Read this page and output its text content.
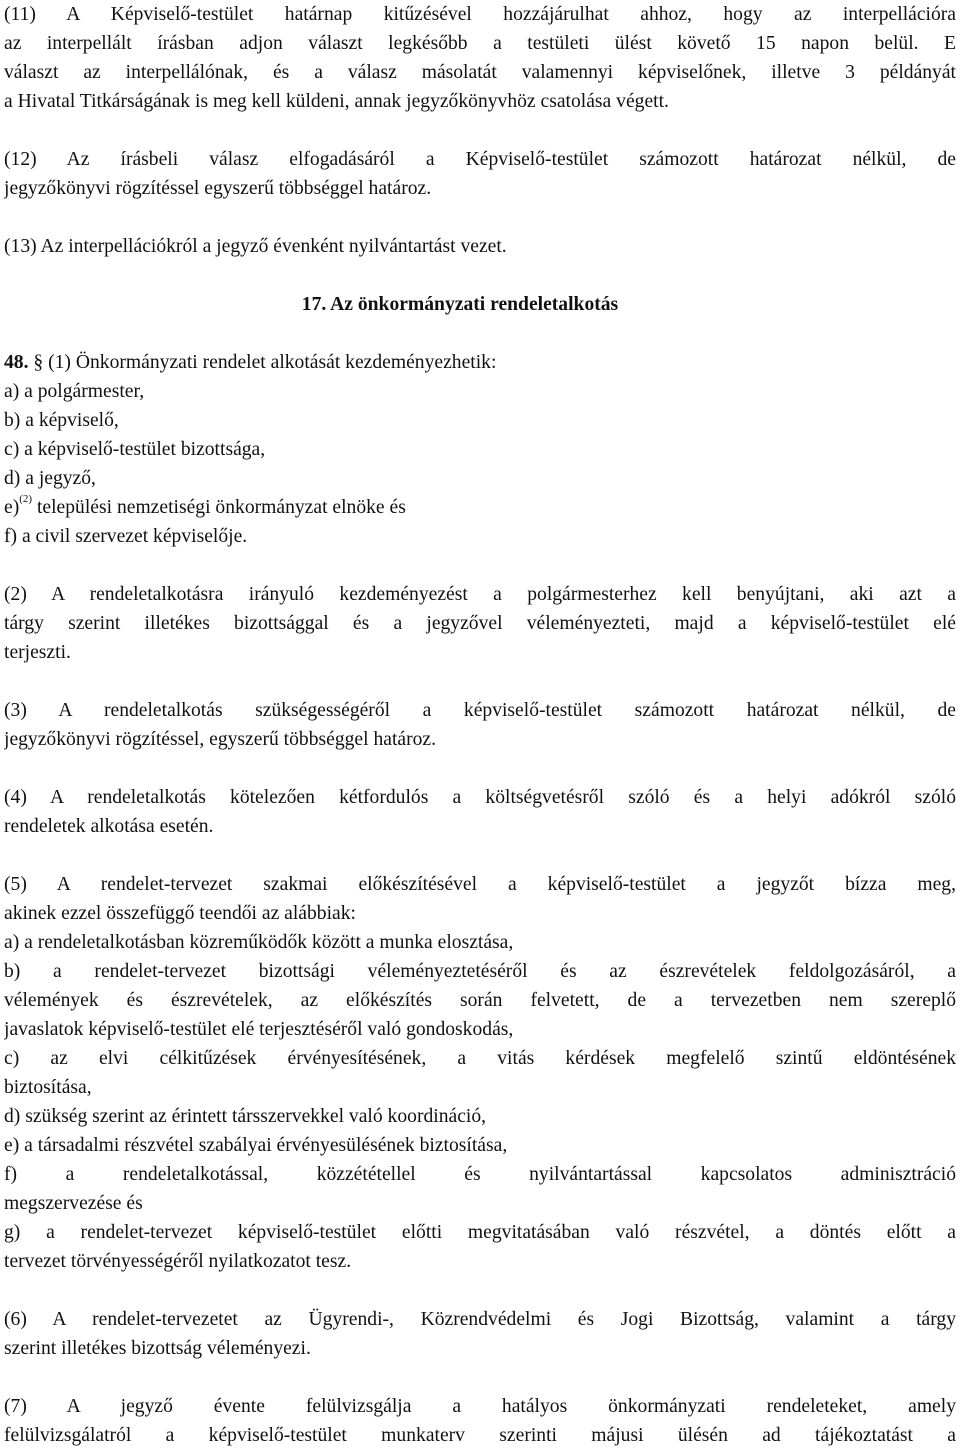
(11) A Képviselő-testület határnap kitűzésével hozzájárulhat ahhoz, hogy az interpellációra
az interpellált írásban adjon választ legkésőbb a testületi ülést követő 15 napon belül. E
választ az interpellálónak, és a válasz másolatát valamennyi képviselőnek, illetve 3 példányát
a Hivatal Titkárságának is meg kell küldeni, annak jegyzőkönyvhöz csatolása végett.

(12) Az írásbeli válasz elfogadásáról a Képviselő-testület számozott határozat nélkül, de
jegyzőkönyvi rögzítéssel egyszerű többséggel határoz.

(13) Az interpellációkról a jegyző évenként nyilvántartást vezet.

17. Az önkormányzati rendeletalkotás

48. § (1) Önkormányzati rendelet alkotását kezdeményezhetik:
a) a polgármester,
b) a képviselő,
c) a képviselő-testület bizottsága,
d) a jegyző,
e)$^{(2)}$ települési nemzetiségi önkormányzat elnöke és
f) a civil szervezet képviselője.

(2) A rendeletalkotásra irányuló kezdeményezést a polgármesterhez kell benyújtani, aki azt a
tárgy szerint illetékes bizottsággal és a jegyzővel véleményezteti, majd a képviselő-testület elé
terjeszti.

(3) A rendeletalkotás szükségességéről a képviselő-testület számozott határozat nélkül, de
jegyzőkönyvi rögzítéssel, egyszerű többséggel határoz.

(4) A rendeletalkotás kötelezően kétfordulós a költségvetésről szóló és a helyi adókról szóló
rendeletek alkotása esetén.

(5) A rendelet-tervezet szakmai előkészítésével a képviselő-testület a jegyzőt bízza meg,
akinek ezzel összefüggő teendői az alábbiak:
a) a rendeletalkotásban közreműködők között a munka elosztása,
b) a rendelet-tervezet bizottsági véleményeztetéséről és az észrevételek feldolgozásáról, a
vélemények és észrevételek, az előkészítés során felvetett, de a tervezetben nem szereplő
javaslatok képviselő-testület elé terjesztéséről való gondoskodás,
c) az elvi célkitűzések érvényesítésének, a vitás kérdések megfelelő szintű eldöntésének
biztosítása,
d) szükség szerint az érintett társszervekkel való koordináció,
e) a társadalmi részvétel szabályai érvényesülésének biztosítása,
f) a rendeletalkotással, közzététellel és nyilvántartással kapcsolatos adminisztráció
megszervezése és
g) a rendelet-tervezet képviselő-testület előtti megvitatásában való részvétel, a döntés előtt a
tervezet törvényességéről nyilatkozatot tesz.

(6) A rendelet-tervezetet az Ügyrendi-, Közrendvédelmi és Jogi Bizottság, valamint a tárgy
szerint illetékes bizottság véleményezi.

(7) A jegyző évente felülvizsgálja a hatályos önkormányzati rendeleteket, amely
felülvizsgálatról a képviselő-testület munkaterv szerinti májusi ülésén ad tájékoztatást a
